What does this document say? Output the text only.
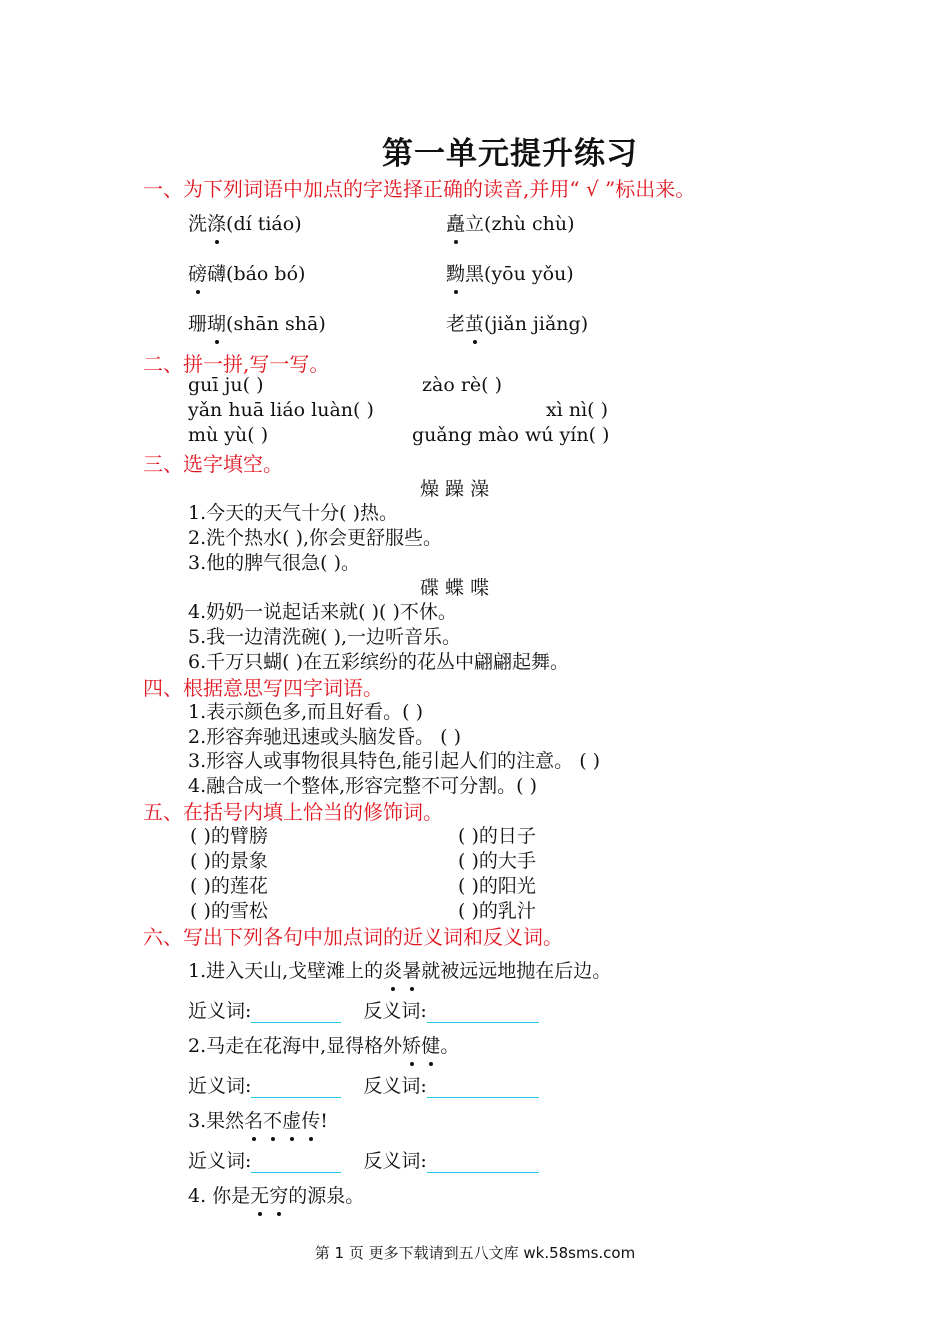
第一单元提升练习
一、为下列词语中加点的字选择正确的读音,并用“ √ ”标出来。
洗涤(dí tiáo)	矗立(zhù chù)
磅礴(báo bó)	黝黑(yōu yǒu)
珊瑚(shān shā)	老茧(jiǎn jiǎng)
二、拼一拼,写一写。
guī ju( )	zào rè( )
yǎn huā liáo luàn( )	xì nì( )
mù yù( )	guǎng mào wú yín( )
三、选字填空。
燥 躁 澡
1.今天的天气十分( )热。
2.洗个热水( ),你会更舒服些。
3.他的脾气很急( )。
碟 蝶 喋
4.奶奶一说起话来就( )( )不休。
5.我一边清洗碗( ),一边听音乐。
6.千万只蝴( )在五彩缤纷的花丛中翩翩起舞。
四、根据意思写四字词语。
1.表示颜色多,而且好看。( )
2.形容奔驰迅速或头脑发昏。 ( )
3.形容人或事物很具特色,能引起人们的注意。 ( )
4.融合成一个整体,形容完整不可分割。( )
五、在括号内填上恰当的修饰词。
( )的臂膀	( )的日子
( )的景象	( )的大手
( )的莲花	( )的阳光
( )的雪松	( )的乳汁
六、写出下列各句中加点词的近义词和反义词。
1.进入天山,戈壁滩上的炎暑就被远远地抛在后边。
近义词:	反义词:
2.马走在花海中,显得格外矫健。
近义词:	反义词:
3.果然名不虚传!
近义词:	反义词:
4. 你是无穷的源泉。
第 1 页 更多下载请到五八文库 wk.58sms.com
